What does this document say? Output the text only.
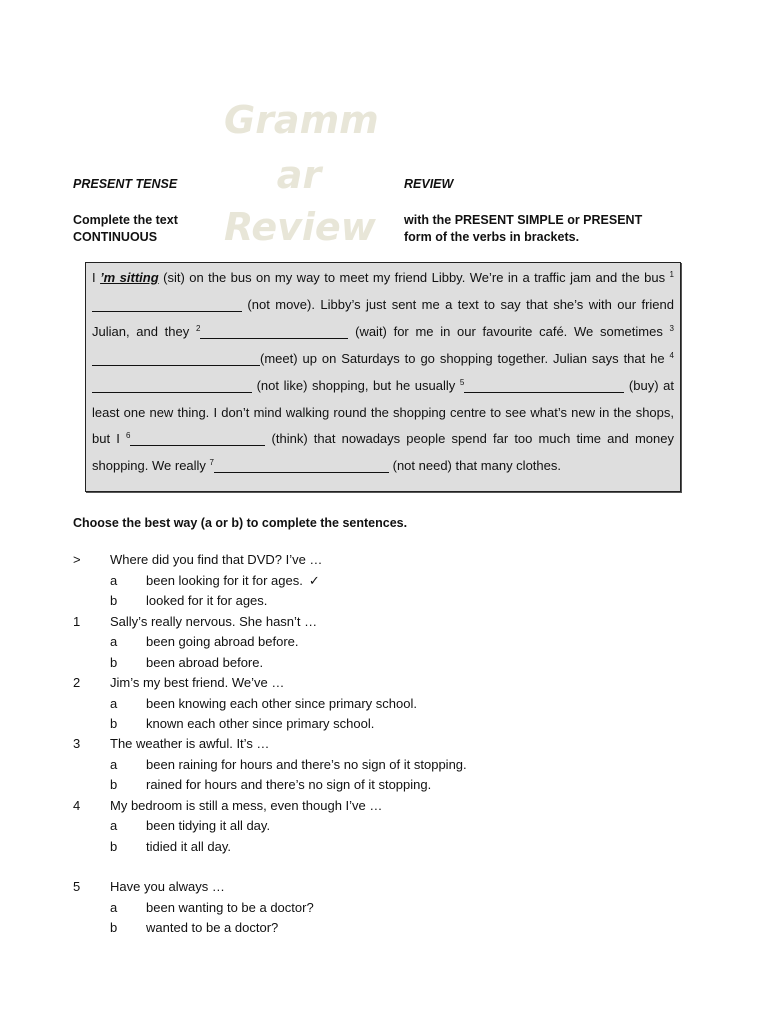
Gramm
ar
Review
PRESENT TENSE	REVIEW
Complete the text
CONTINUOUS
with the PRESENT SIMPLE or PRESENT
form of the verbs in brackets.
I ’m sitting (sit) on the bus on my way to meet my friend Libby. We’re in a traffic jam and the bus $^1$ (not move). Libby’s just sent me a text to say that she’s with our friend Julian, and they $^2$	(wait) for me in our favourite café. We sometimes $^3$(meet) up on Saturdays to go shopping together. Julian says that he $^4$ (not like) shopping, but he usually $^5$	(buy) at least one new thing. I don’t mind walking round the shopping centre to see what’s new in the shops, but I $^6$	(think) that nowadays people spend far too much time and money shopping. We really $^7$	(not need) that many clothes.
Choose the best way (a or b) to complete the sentences.
> Where did you find that DVD? I’ve …
a been looking for it for ages. ✓
b looked for it for ages.
1 Sally’s really nervous. She hasn’t …
a been going abroad before.
b been abroad before.
2 Jim’s my best friend. We’ve …
a been knowing each other since primary school.
b known each other since primary school.
3 The weather is awful. It’s …
a been raining for hours and there’s no sign of it stopping.
b rained for hours and there’s no sign of it stopping.
4 My bedroom is still a mess, even though I’ve …
a been tidying it all day.
b tidied it all day.
5 Have you always …
a been wanting to be a doctor?
b wanted to be a doctor?
